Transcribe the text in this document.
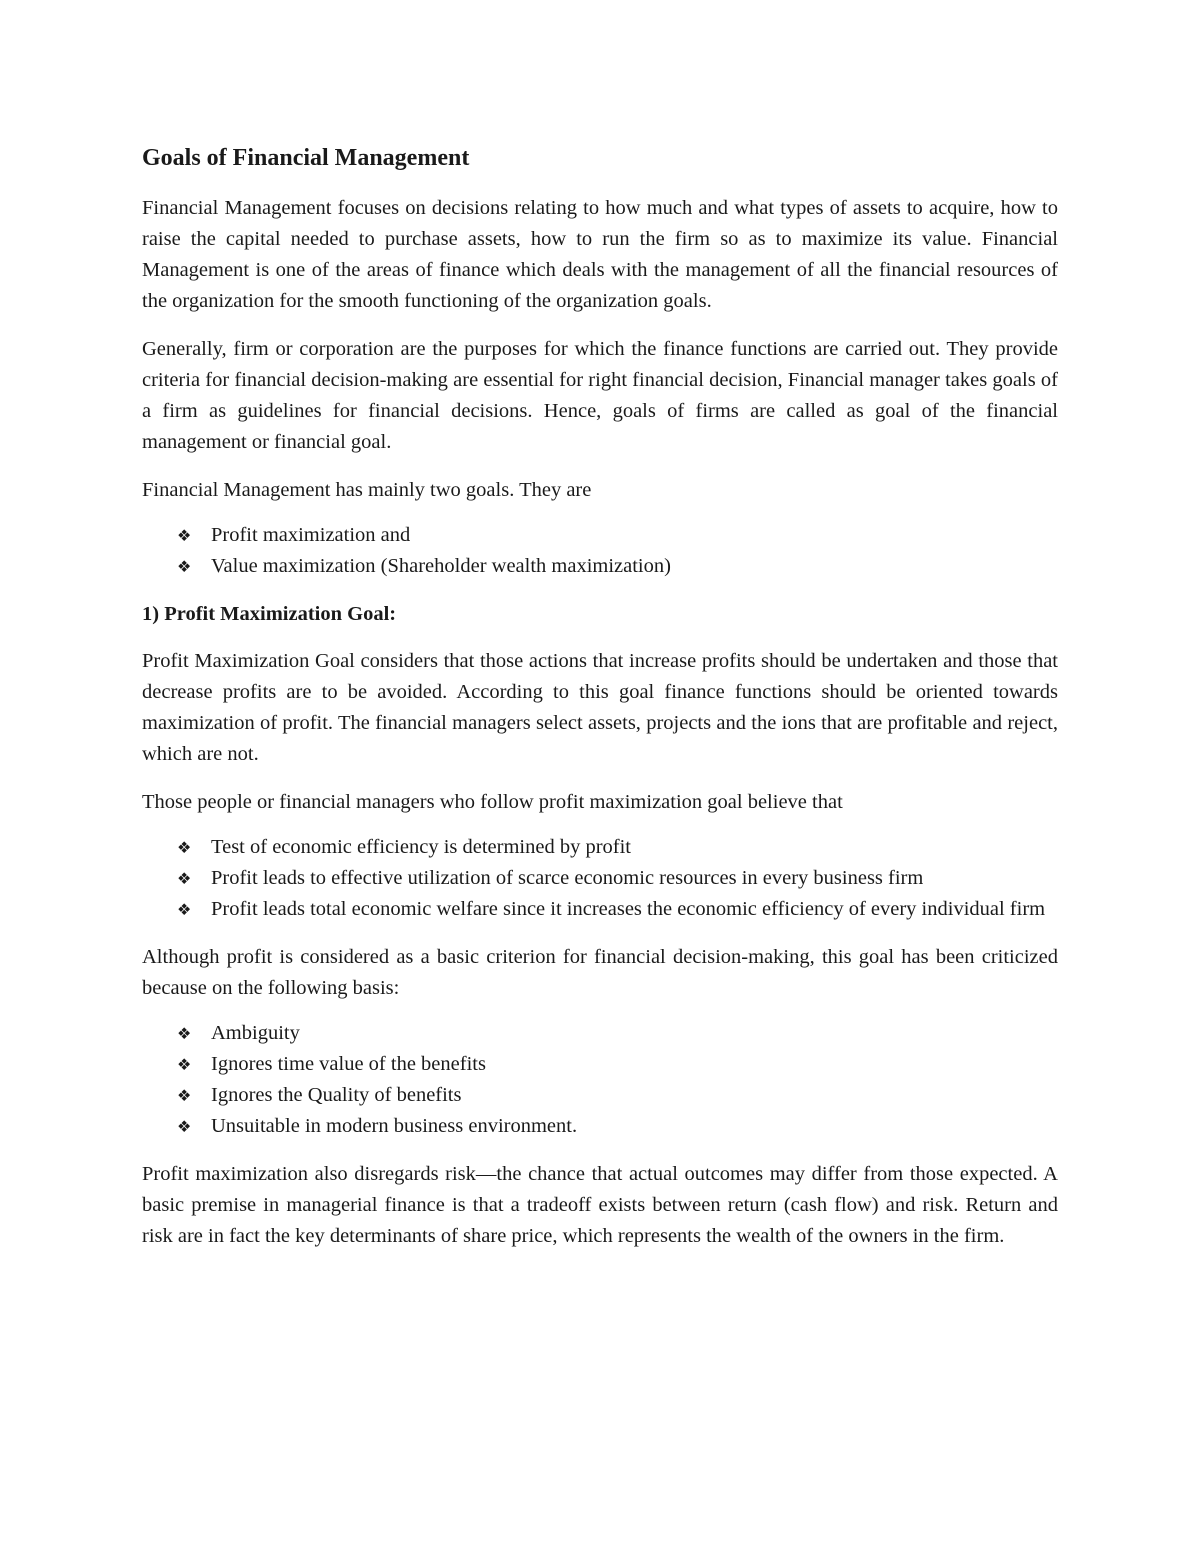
Goals of Financial Management

Financial Management focuses on decisions relating to how much and what types of assets to acquire, how to raise the capital needed to purchase assets, how to run the firm so as to maximize its value. Financial Management is one of the areas of finance which deals with the management of all the financial resources of the organization for the smooth functioning of the organization goals.

Generally, firm or corporation are the purposes for which the finance functions are carried out. They provide criteria for financial decision-making are essential for right financial decision, Financial manager takes goals of a firm as guidelines for financial decisions. Hence, goals of firms are called as goal of the financial management or financial goal.

Financial Management has mainly two goals. They are

❖ Profit maximization and
❖ Value maximization (Shareholder wealth maximization)
1) Profit Maximization Goal:

Profit Maximization Goal considers that those actions that increase profits should be undertaken and those that decrease profits are to be avoided. According to this goal finance functions should be oriented towards maximization of profit. The financial managers select assets, projects and the ions that are profitable and reject, which are not.

Those people or financial managers who follow profit maximization goal believe that

❖ Test of economic efficiency is determined by profit
❖ Profit leads to effective utilization of scarce economic resources in every business firm
❖ Profit leads total economic welfare since it increases the economic efficiency of every individual firm

Although profit is considered as a basic criterion for financial decision-making, this goal has been criticized because on the following basis:

❖ Ambiguity
❖ Ignores time value of the benefits
❖ Ignores the Quality of benefits
❖ Unsuitable in modern business environment.

Profit maximization also disregards risk—the chance that actual outcomes may differ from those expected. A basic premise in managerial finance is that a tradeoff exists between return (cash flow) and risk. Return and risk are in fact the key determinants of share price, which represents the wealth of the owners in the firm.
